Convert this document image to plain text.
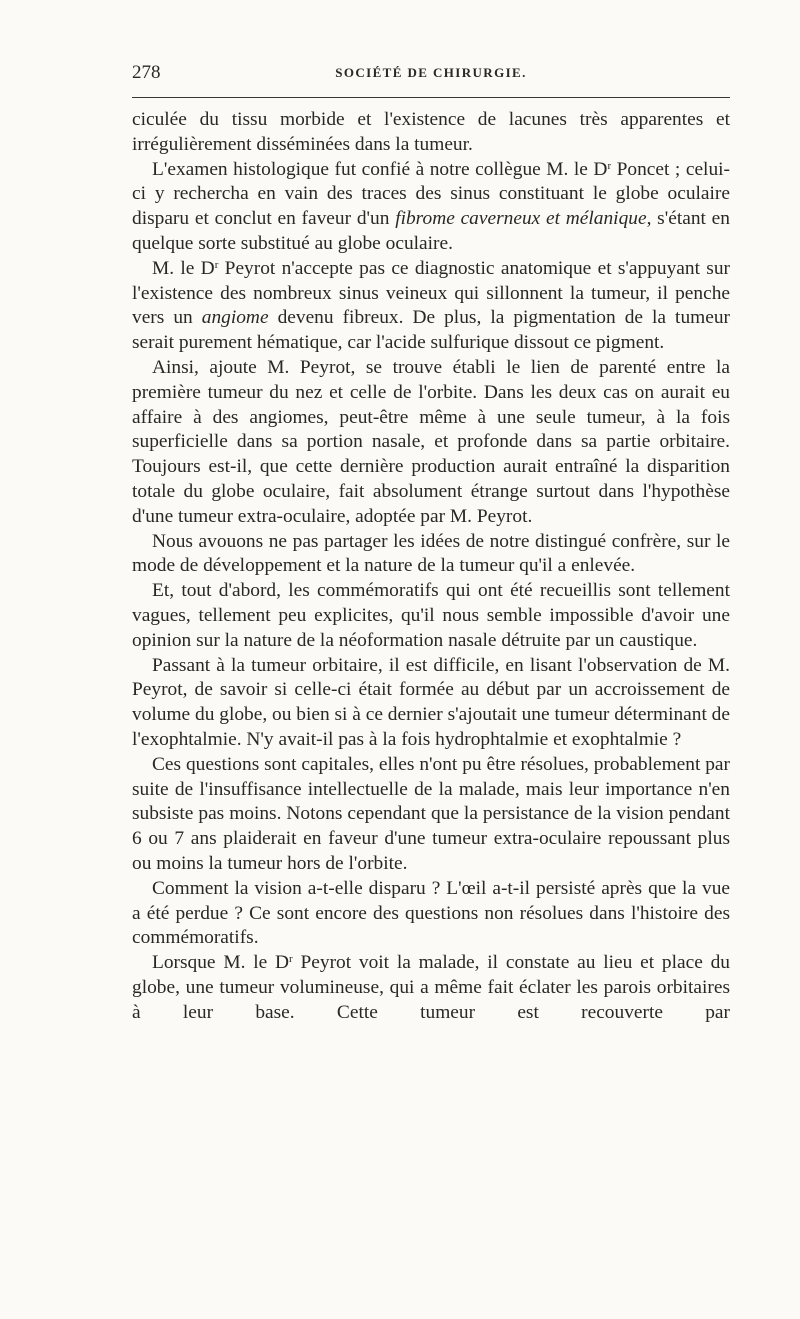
278	SOCIÉTÉ DE CHIRURGIE.

ciculée du tissu morbide et l'existence de lacunes très apparentes et irrégulièrement disséminées dans la tumeur.

L'examen histologique fut confié à notre collègue M. le $D^r$ Poncet ; celui-ci y rechercha en vain des traces des sinus constituant le globe oculaire disparu et conclut en faveur d'un fibrome caverneux et mélanique, s'étant en quelque sorte substitué au globe oculaire.

M. le $D^r$ Peyrot n'accepte pas ce diagnostic anatomique et s'appuyant sur l'existence des nombreux sinus veineux qui sillonnent la tumeur, il penche vers un angiome devenu fibreux. De plus, la pigmentation de la tumeur serait purement hématique, car l'acide sulfurique dissout ce pigment.

Ainsi, ajoute M. Peyrot, se trouve établi le lien de parenté entre la première tumeur du nez et celle de l'orbite. Dans les deux cas on aurait eu affaire à des angiomes, peut-être même à une seule tumeur, à la fois superficielle dans sa portion nasale, et profonde dans sa partie orbitaire. Toujours est-il, que cette dernière production aurait entraîné la disparition totale du globe oculaire, fait absolument étrange surtout dans l'hypothèse d'une tumeur extra-oculaire, adoptée par M. Peyrot.

Nous avouons ne pas partager les idées de notre distingué confrère, sur le mode de développement et la nature de la tumeur qu'il a enlevée.

Et, tout d'abord, les commémoratifs qui ont été recueillis sont tellement vagues, tellement peu explicites, qu'il nous semble impossible d'avoir une opinion sur la nature de la néoformation nasale détruite par un caustique.

Passant à la tumeur orbitaire, il est difficile, en lisant l'observation de M. Peyrot, de savoir si celle-ci était formée au début par un accroissement de volume du globe, ou bien si à ce dernier s'ajoutait une tumeur déterminant de l'exophtalmie. N'y avait-il pas à la fois hydrophtalmie et exophtalmie ?

Ces questions sont capitales, elles n'ont pu être résolues, probablement par suite de l'insuffisance intellectuelle de la malade, mais leur importance n'en subsiste pas moins. Notons cependant que la persistance de la vision pendant 6 ou 7 ans plaiderait en faveur d'une tumeur extra-oculaire repoussant plus ou moins la tumeur hors de l'orbite.

Comment la vision a-t-elle disparu ? L'œil a-t-il persisté après que la vue a été perdue ? Ce sont encore des questions non résolues dans l'histoire des commémoratifs.

Lorsque M. le $D^r$ Peyrot voit la malade, il constate au lieu et place du globe, une tumeur volumineuse, qui a même fait éclater les parois orbitaires à leur base. Cette tumeur est recouverte par
